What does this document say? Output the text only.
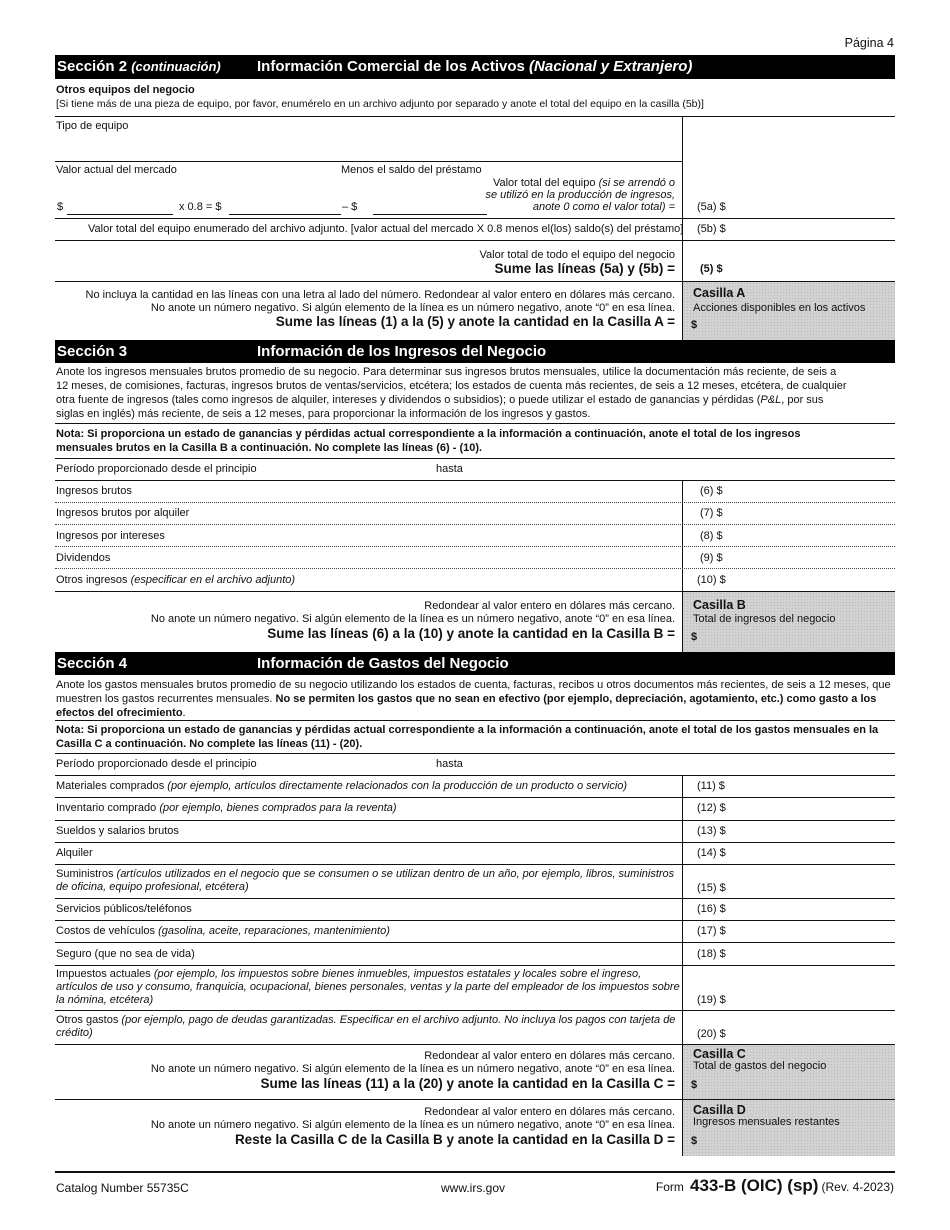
Página 4
Sección 2 (continuación) Información Comercial de los Activos (Nacional y Extranjero)
Otros equipos del negocio
[Si tiene más de una pieza de equipo, por favor, enumérelo en un archivo adjunto por separado y anote el total del equipo en la casilla (5b)]
Tipo de equipo
Valor actual del mercado	Menos el saldo del préstamo
Valor total del equipo (si se arrendó o
se utilizó en la producción de ingresos,
anote 0 como el valor total) =
$	x 0.8 = $	– $	(5a) $
Valor total del equipo enumerado del archivo adjunto. [valor actual del mercado X 0.8 menos el(los) saldo(s) del préstamo] (5b) $
Valor total de todo el equipo del negocio
Sume las líneas (5a) y (5b) = (5) $
No incluya la cantidad en las líneas con una letra al lado del número. Redondear al valor entero en dólares más cercano.
No anote un número negativo. Si algún elemento de la línea es un número negativo, anote “0” en esa línea.
Sume las líneas (1) a la (5) y anote la cantidad en la Casilla A =
Casilla A
Acciones disponibles en los activos
$
Sección 3	Información de los Ingresos del Negocio
Anote los ingresos mensuales brutos promedio de su negocio. Para determinar sus ingresos brutos mensuales, utilice la documentación más reciente, de seis a
12 meses, de comisiones, facturas, ingresos brutos de ventas/servicios, etcétera; los estados de cuenta más recientes, de seis a 12 meses, etcétera, de cualquier
otra fuente de ingresos (tales como ingresos de alquiler, intereses y dividendos o subsidios); o puede utilizar el estado de ganancias y pérdidas (P&L, por sus
siglas en inglés) más reciente, de seis a 12 meses, para proporcionar la información de los ingresos y gastos.
Nota: Si proporciona un estado de ganancias y pérdidas actual correspondiente a la información a continuación, anote el total de los ingresos
mensuales brutos en la Casilla B a continuación. No complete las líneas (6) - (10).
Período proporcionado desde el principio	hasta
Ingresos brutos	(6) $
Ingresos brutos por alquiler	(7) $
Ingresos por intereses	(8) $
Dividendos	(9) $
Otros ingresos (especificar en el archivo adjunto)	(10) $
Redondear al valor entero en dólares más cercano.
No anote un número negativo. Si algún elemento de la línea es un número negativo, anote “0” en esa línea.
Sume las líneas (6) a la (10) y anote la cantidad en la Casilla B =
Casilla B
Total de ingresos del negocio
$
Sección 4	Información de Gastos del Negocio
Anote los gastos mensuales brutos promedio de su negocio utilizando los estados de cuenta, facturas, recibos u otros documentos más recientes, de seis a 12 meses, que
muestren los gastos recurrentes mensuales. No se permiten los gastos que no sean en efectivo (por ejemplo, depreciación, agotamiento, etc.) como gasto a los
efectos del ofrecimiento.
Nota: Si proporciona un estado de ganancias y pérdidas actual correspondiente a la información a continuación, anote el total de los gastos mensuales en la
Casilla C a continuación. No complete las líneas (11) - (20).
Período proporcionado desde el principio	hasta
Materiales comprados (por ejemplo, artículos directamente relacionados con la producción de un producto o servicio)	(11) $
Inventario comprado (por ejemplo, bienes comprados para la reventa)	(12) $
Sueldos y salarios brutos	(13) $
Alquiler	(14) $
Suministros (artículos utilizados en el negocio que se consumen o se utilizan dentro de un año, por ejemplo, libros, suministros
de oficina, equipo profesional, etcétera)	(15) $
Servicios públicos/teléfonos	(16) $
Costos de vehículos (gasolina, aceite, reparaciones, mantenimiento)	(17) $
Seguro (que no sea de vida)	(18) $
Impuestos actuales (por ejemplo, los impuestos sobre bienes inmuebles, impuestos estatales y locales sobre el ingreso,
artículos de uso y consumo, franquicia, ocupacional, bienes personales, ventas y la parte del empleador de los impuestos sobre
la nómina, etcétera)	(19) $
Otros gastos (por ejemplo, pago de deudas garantizadas. Especificar en el archivo adjunto. No incluya los pagos con tarjeta de
crédito)	(20) $
Redondear al valor entero en dólares más cercano.
No anote un número negativo. Si algún elemento de la línea es un número negativo, anote “0” en esa línea.
Sume las líneas (11) a la (20) y anote la cantidad en la Casilla C =
Casilla C
Total de gastos del negocio
$
Redondear al valor entero en dólares más cercano.
No anote un número negativo. Si algún elemento de la línea es un número negativo, anote “0” en esa línea.
Reste la Casilla C de la Casilla B y anote la cantidad en la Casilla D =
Casilla D
Ingresos mensuales restantes
$
Catalog Number 55735C	www.irs.gov	Form 433-B (OIC) (sp) (Rev. 4-2023)
